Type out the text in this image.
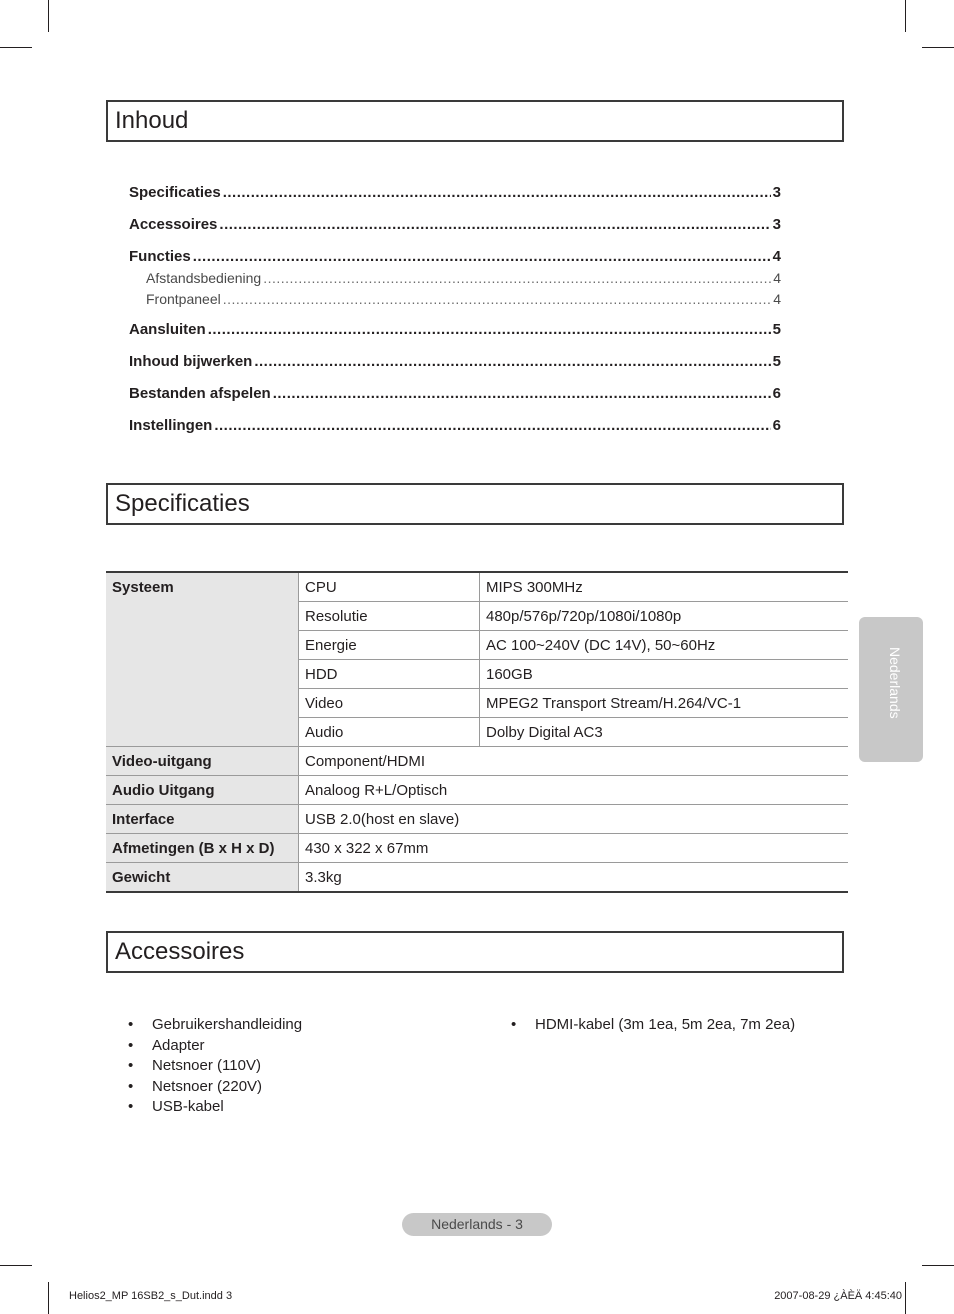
Inhoud
Specificaties .....	3
Accessoires .....	3
Functies .....	4
Afstandsbediening .....	4
Frontpaneel .....	4
Aansluiten .....	5
Inhoud bijwerken .....	5
Bestanden afspelen .....	6
Instellingen .....	6
Specificaties
Systeem	CPU	MIPS 300MHz
	Resolutie	480p/576p/720p/1080i/1080p
	Energie	AC 100~240V (DC 14V), 50~60Hz
	HDD	160GB
	Video	MPEG2 Transport Stream/H.264/VC-1
	Audio	Dolby Digital AC3
Video-uitgang	Component/HDMI	
Audio Uitgang	Analoog R+L/Optisch	
Interface	USB 2.0(host en slave)	
Afmetingen (B x H x D)	430 x 322 x 67mm	
Gewicht	3.3kg	
Accessoires
• Gebruikershandleiding
• Adapter
• Netsnoer (110V)
• Netsnoer (220V)
• USB-kabel
• HDMI-kabel (3m 1ea, 5m 2ea, 7m 2ea)
Nederlands
Nederlands - 3
Helios2_MP 16SB2_s_Dut.indd 3	2007-08-29 ¿ÀÈÄ 4:45:40
